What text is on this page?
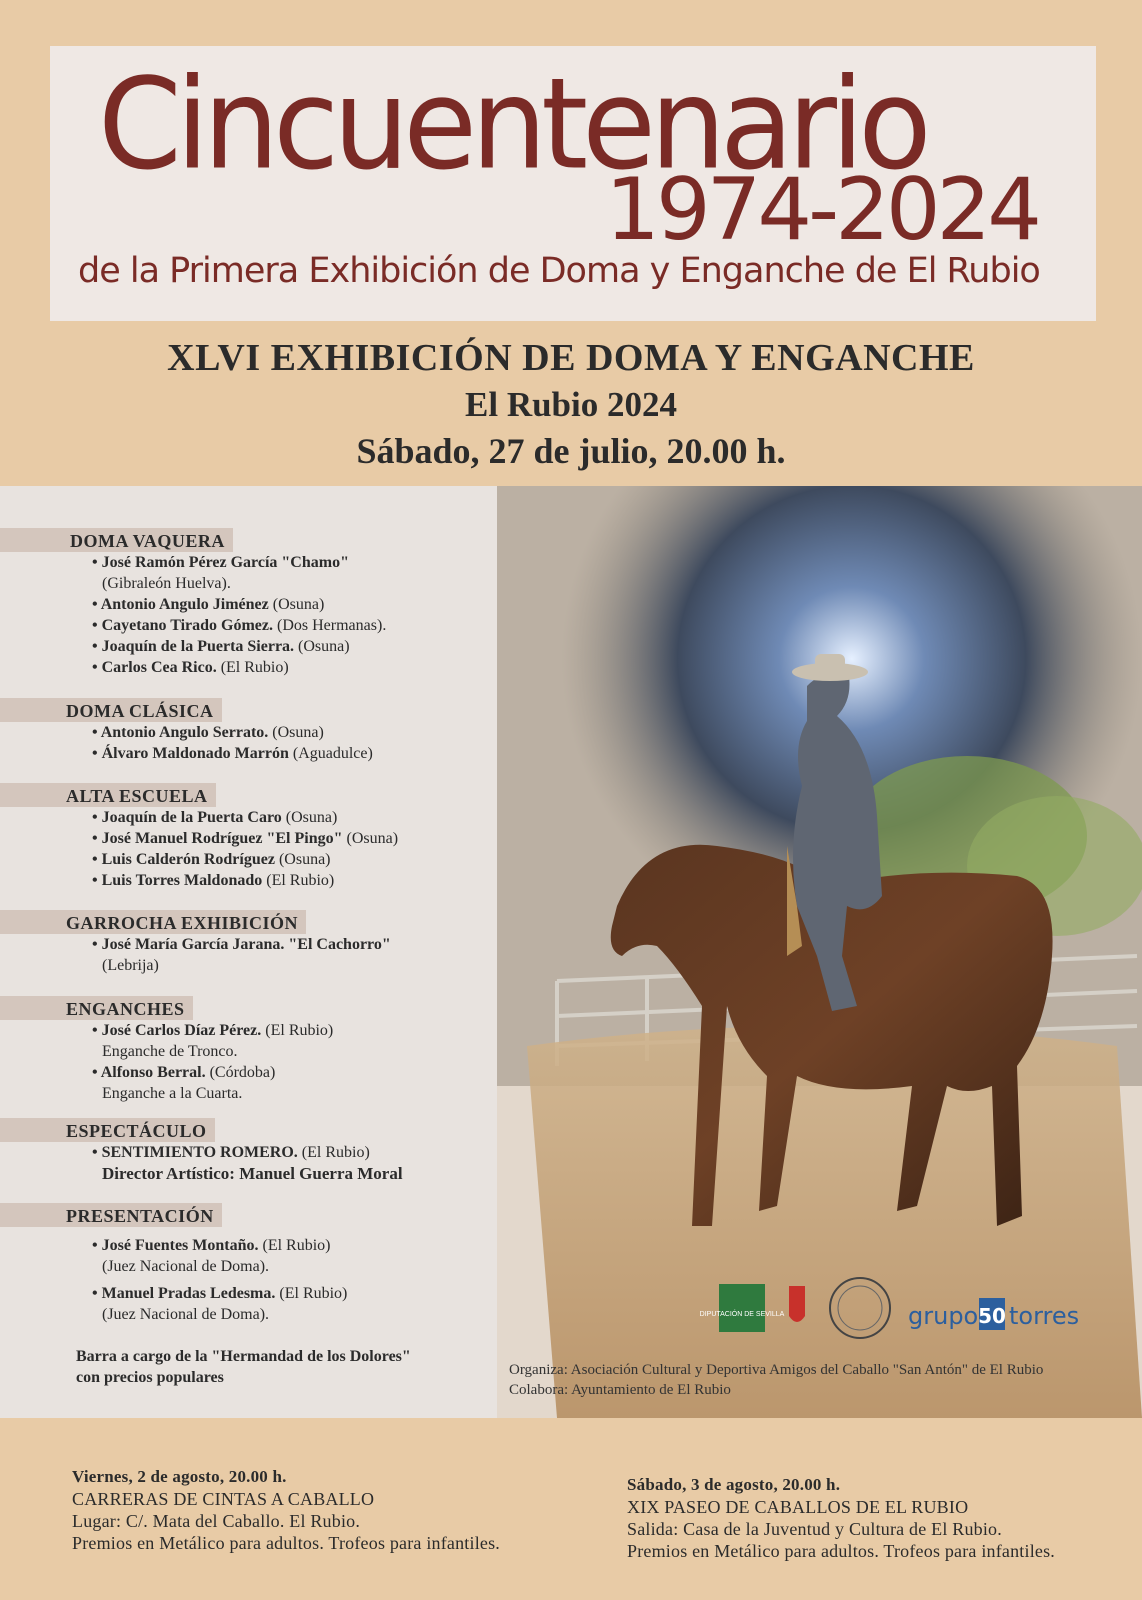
Cincuentenario
1974-2024
de la Primera Exhibición de Doma y Enganche de El Rubio
XLVI EXHIBICIÓN DE DOMA Y ENGANCHE
El Rubio 2024
Sábado, 27 de julio, 20.00 h.
DOMA VAQUERA
• José Ramón Pérez García "Chamo"
(Gibraleón Huelva).
• Antonio Angulo Jiménez (Osuna)
• Cayetano Tirado Gómez. (Dos Hermanas).
• Joaquín de la Puerta Sierra. (Osuna)
• Carlos Cea Rico. (El Rubio)
DOMA CLÁSICA
• Antonio Angulo Serrato. (Osuna)
• Álvaro Maldonado Marrón (Aguadulce)
ALTA ESCUELA
• Joaquín de la Puerta Caro (Osuna)
• José Manuel Rodríguez "El Pingo" (Osuna)
• Luis Calderón Rodríguez (Osuna)
• Luis Torres Maldonado (El Rubio)
GARROCHA EXHIBICIÓN
• José María García Jarana. "El Cachorro"
(Lebrija)
ENGANCHES
• José Carlos Díaz Pérez. (El Rubio)
Enganche de Tronco.
• Alfonso Berral. (Córdoba)
Enganche a la Cuarta.
ESPECTÁCULO
• SENTIMIENTO ROMERO. (El Rubio)
Director Artístico: Manuel Guerra Moral
PRESENTACIÓN
• José Fuentes Montaño. (El Rubio)
(Juez Nacional de Doma).
• Manuel Pradas Ledesma. (El Rubio)
(Juez Nacional de Doma).
Barra a cargo de la "Hermandad de los Dolores"
con precios populares
DIPUTACIÓN DE SEVILLA	grupo 50 torres
Organiza: Asociación Cultural y Deportiva Amigos del Caballo "San Antón" de El Rubio
Colabora: Ayuntamiento de El Rubio
Viernes, 2 de agosto, 20.00 h.
CARRERAS DE CINTAS A CABALLO
Lugar: C/. Mata del Caballo. El Rubio.
Premios en Metálico para adultos. Trofeos para infantiles.
Sábado, 3 de agosto, 20.00 h.
XIX PASEO DE CABALLOS DE EL RUBIO
Salida: Casa de la Juventud y Cultura de El Rubio.
Premios en Metálico para adultos. Trofeos para infantiles.
